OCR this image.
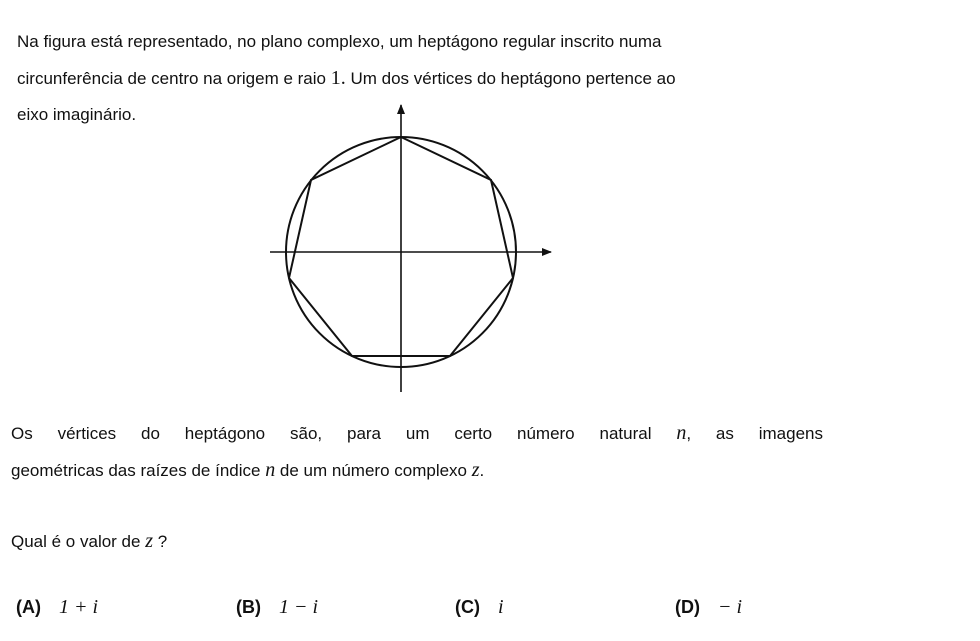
Na figura está representado, no plano complexo, um heptágono regular inscrito numa
circunferência de centro na origem e raio 1. Um dos vértices do heptágono pertence ao
eixo imaginário.
Os vértices do heptágono são, para um certo número natural n, as imagens
geométricas das raízes de índice n de um número complexo z.
Qual é o valor de z ?
(A) 1 + i	(B) 1 − i	(C) i	(D) − i
